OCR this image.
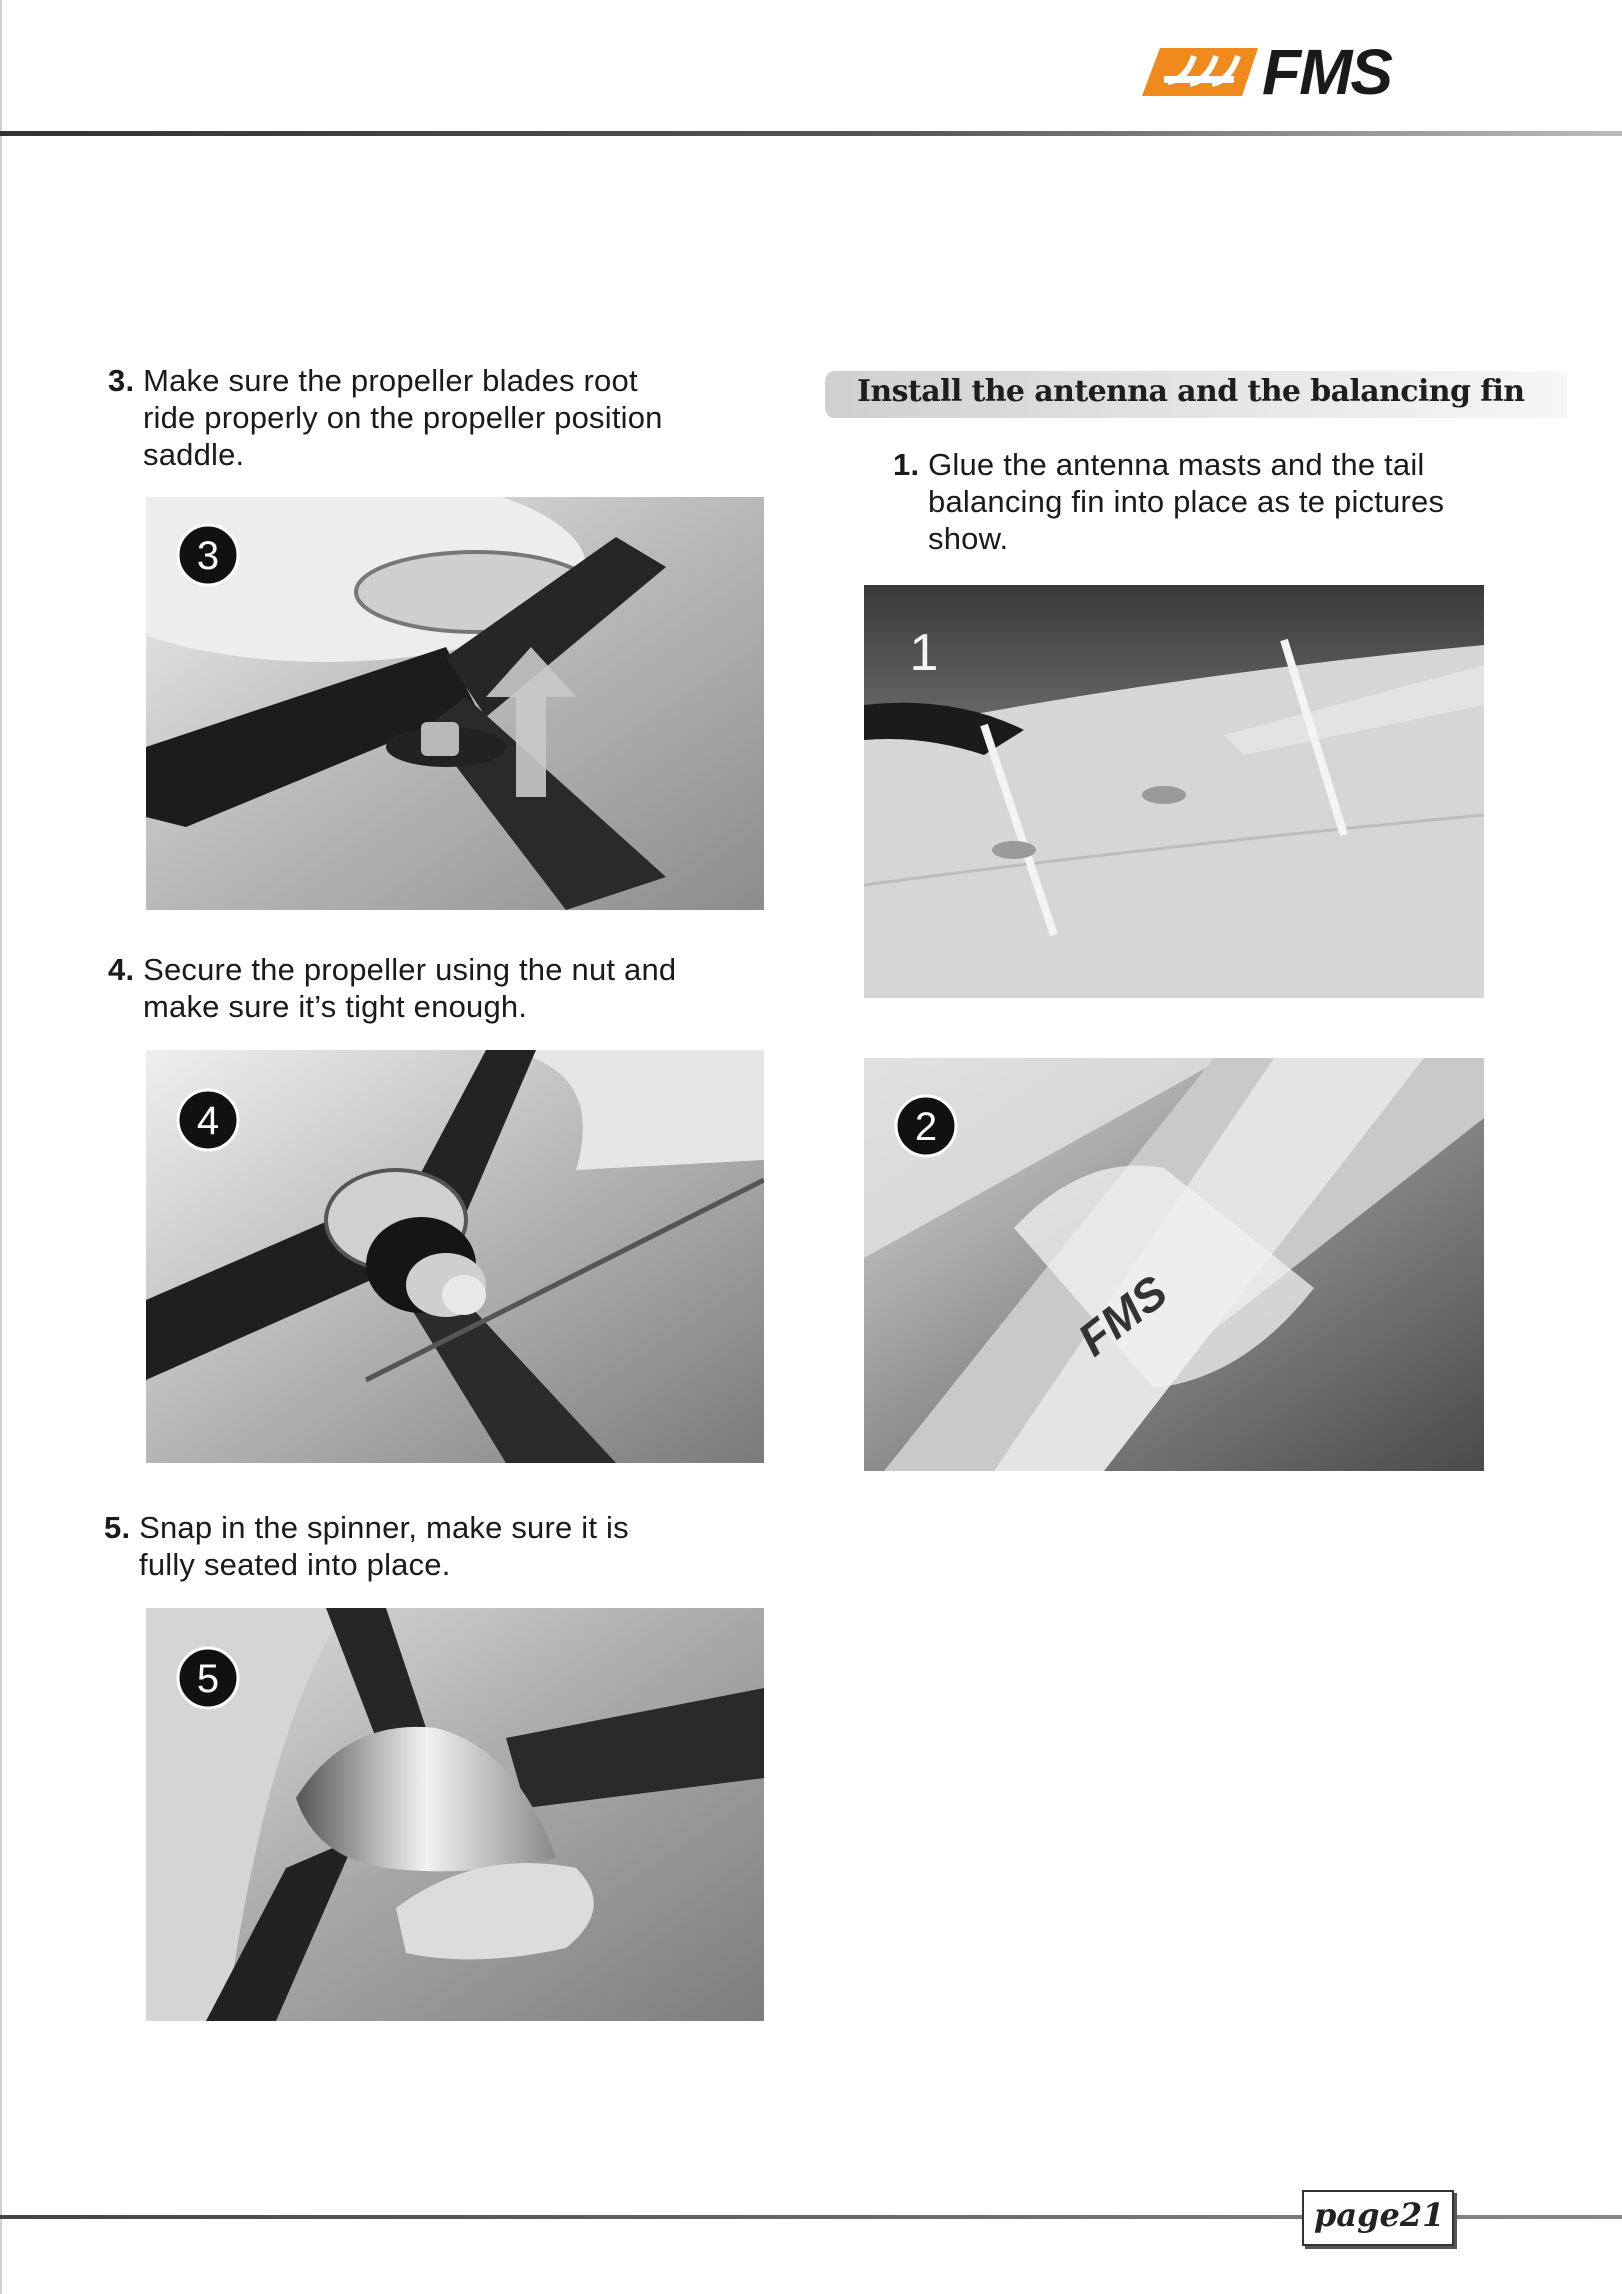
FMS
3. Make sure the propeller blades root
ride properly on the propeller position
saddle.
3
4. Secure the propeller using the nut and
make sure it’s tight enough.
4
5. Snap in the spinner, make sure it is
fully seated into place.
5
Install the antenna and the balancing fin
1. Glue the antenna masts and the tail
balancing fin into place as te pictures
show.
1
FMS
2
page21
